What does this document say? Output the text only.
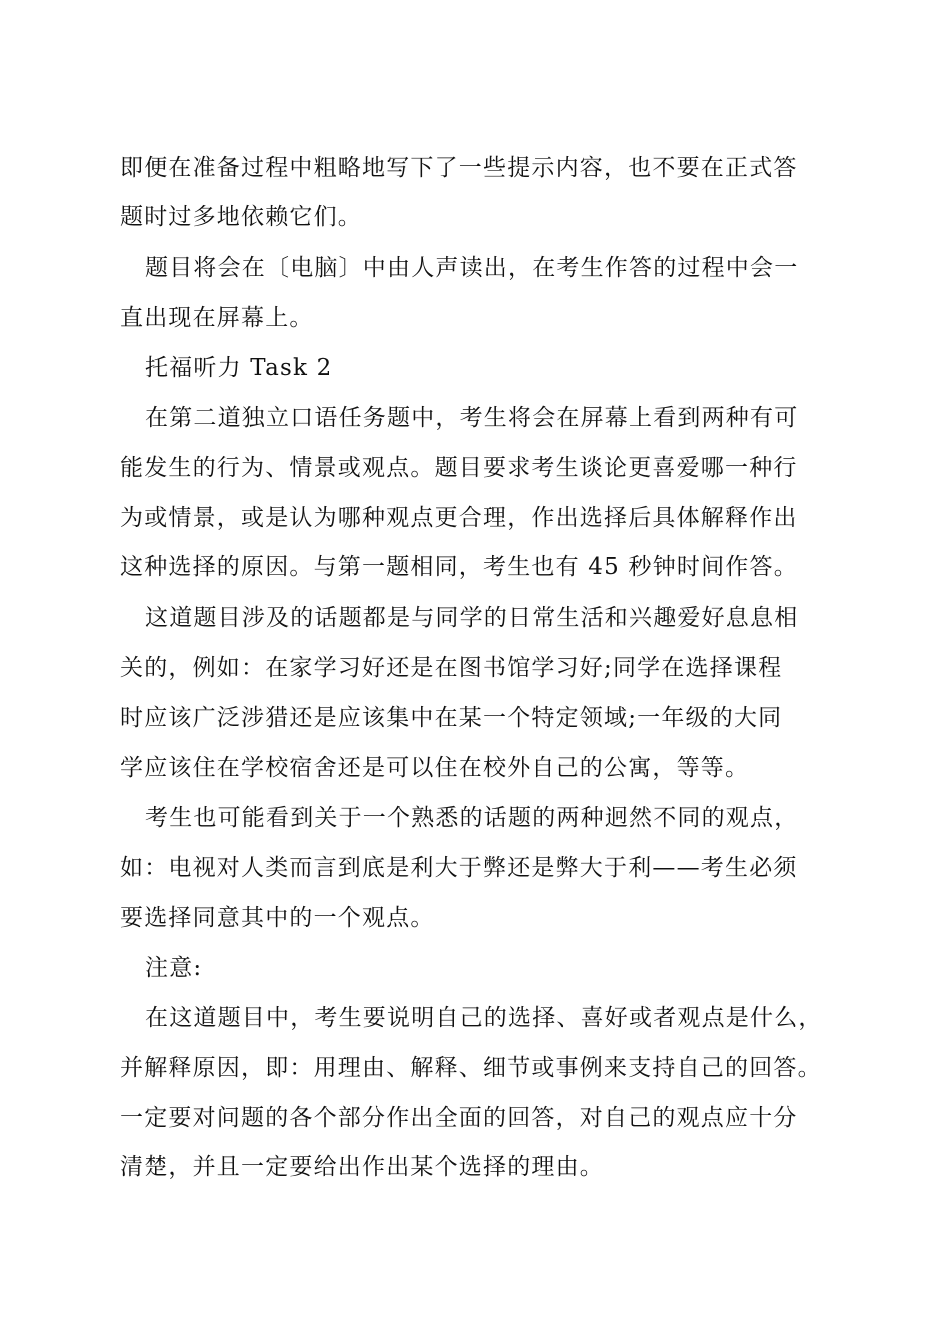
即便在准备过程中粗略地写下了一些提示内容，也不要在正式答
题时过多地依赖它们。
题目将会在〔电脑〕中由人声读出，在考生作答的过程中会一
直出现在屏幕上。
托福听力 Task 2
在第二道独立口语任务题中，考生将会在屏幕上看到两种有可
能发生的行为、情景或观点。题目要求考生谈论更喜爱哪一种行
为或情景，或是认为哪种观点更合理，作出选择后具体解释作出
这种选择的原因。与第一题相同，考生也有 45 秒钟时间作答。
这道题目涉及的话题都是与同学的日常生活和兴趣爱好息息相
关的，例如：在家学习好还是在图书馆学习好;同学在选择课程
时应该广泛涉猎还是应该集中在某一个特定领域;一年级的大同
学应该住在学校宿舍还是可以住在校外自己的公寓，等等。
考生也可能看到关于一个熟悉的话题的两种迥然不同的观点，
如：电视对人类而言到底是利大于弊还是弊大于利——考生必须
要选择同意其中的一个观点。
注意:
在这道题目中，考生要说明自己的选择、喜好或者观点是什么，
并解释原因，即：用理由、解释、细节或事例来支持自己的回答。
一定要对问题的各个部分作出全面的回答，对自己的观点应十分
清楚，并且一定要给出作出某个选择的理由。
